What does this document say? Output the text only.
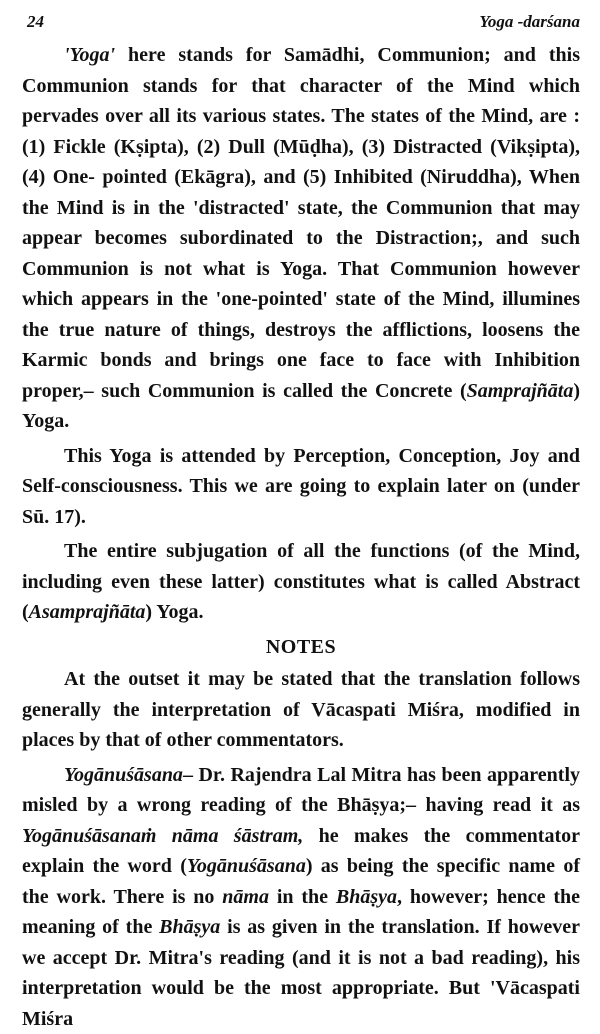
24	Yoga -darśana

'Yoga' here stands for Samādhi, Communion; and this Communion stands for that character of the Mind which pervades over all its various states. The states of the Mind, are : (1) Fickle (Kṣipta), (2) Dull (Mūḍha), (3) Distracted (Vikṣipta), (4) One- pointed (Ekāgra), and (5) Inhibited (Niruddha), When the Mind is in the 'distracted' state, the Communion that may appear becomes subordinated to the Distraction;, and such Communion is not what is Yoga. That Communion however which appears in the 'one-pointed' state of the Mind, illumines the true nature of things, destroys the afflictions, loosens the Karmic bonds and brings one face to face with Inhibition proper,– such Communion is called the Concrete (Samprajñāta) Yoga.

This Yoga is attended by Perception, Conception, Joy and Self-consciousness. This we are going to explain later on (under Sū. 17).

The entire subjugation of all the functions (of the Mind, including even these latter) constitutes what is called Abstract (Asamprajñāta) Yoga.

NOTES

At the outset it may be stated that the translation follows generally the interpretation of Vācaspati Miśra, modified in places by that of other commentators.

Yogānuśāsana– Dr. Rajendra Lal Mitra has been apparently misled by a wrong reading of the Bhāṣya;– having read it as Yogānuśāsanaṁ nāma śāstram, he makes the commentator explain the word (Yogānuśāsana) as being the specific name of the work. There is no nāma in the Bhāṣya, however; hence the meaning of the Bhāṣya is as given in the translation. If however we accept Dr. Mitra's reading (and it is not a bad reading), his interpretation would be the most appropriate. But 'Vācaspati Miśra
